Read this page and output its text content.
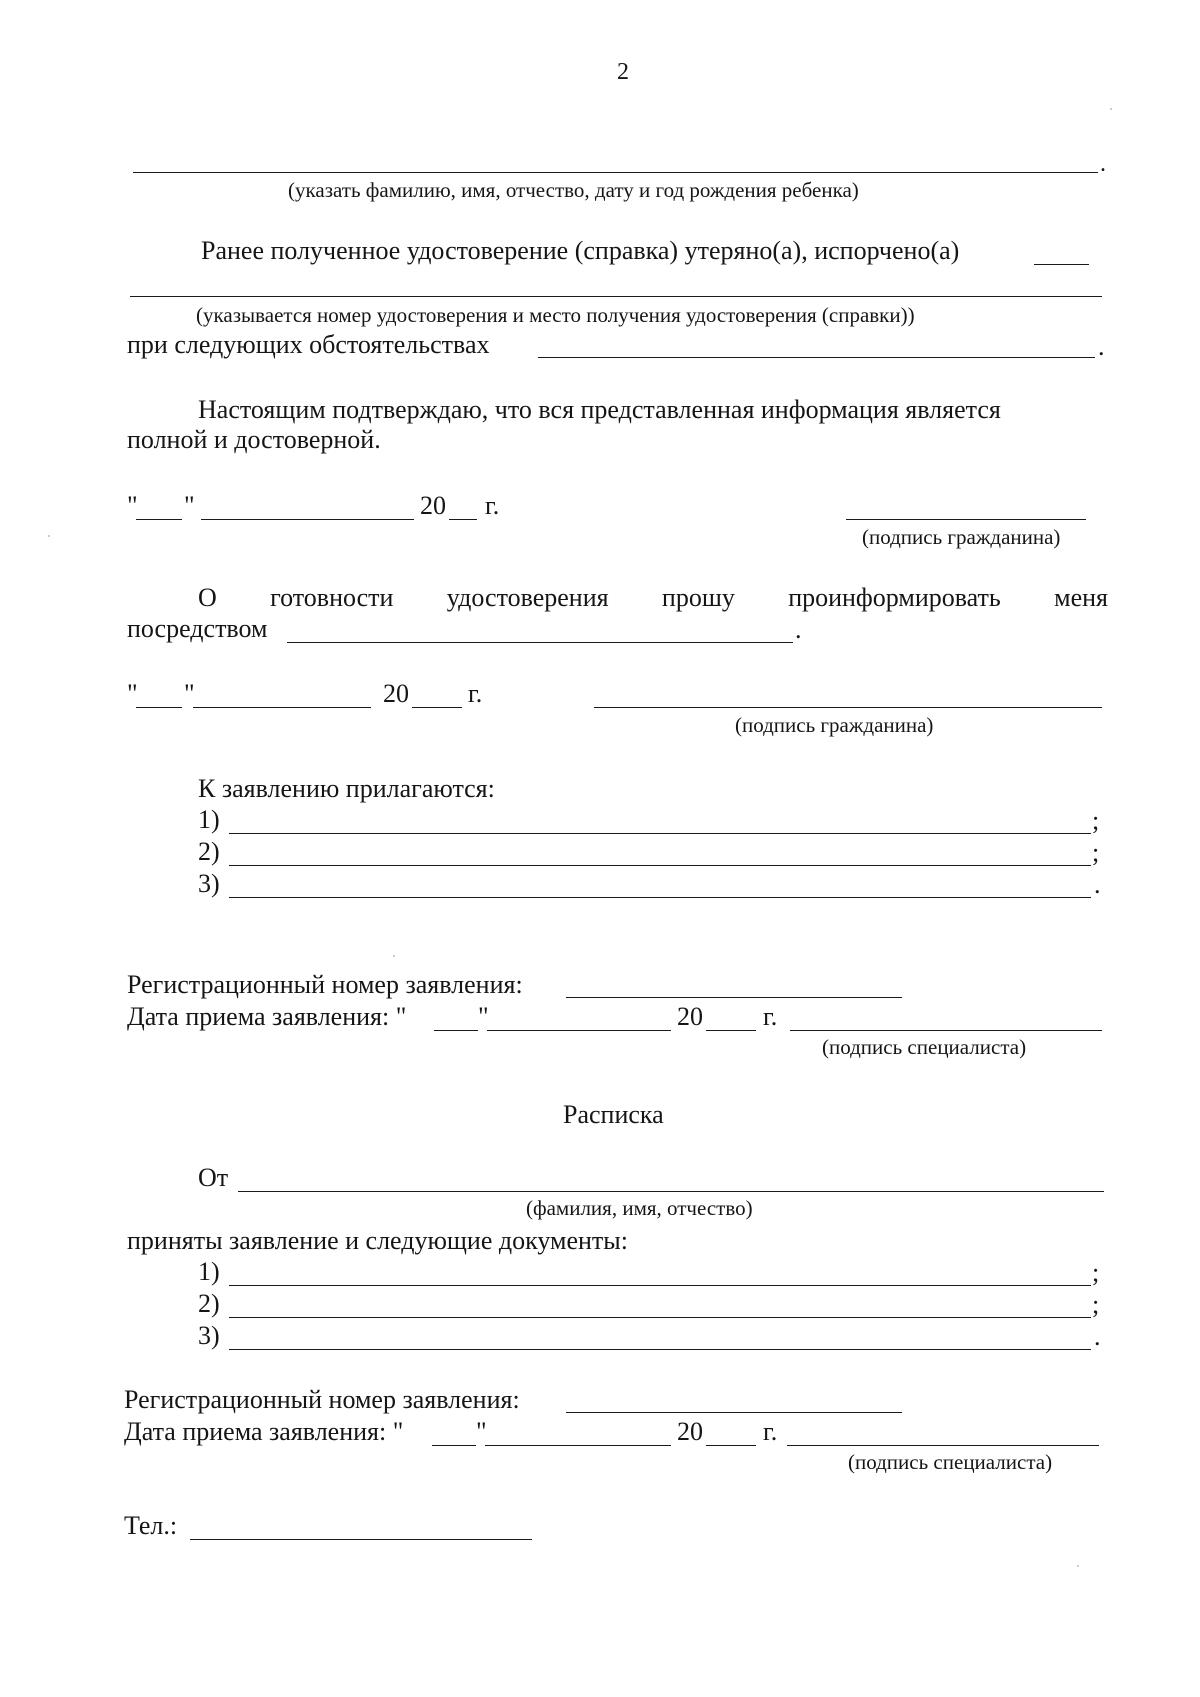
2
.
(указать фамилию, имя, отчество, дату и год рождения ребенка)
Ранее полученное удостоверение (справка) утеряно(а), испорчено(а)
(указывается номер удостоверения и место получения удостоверения (справки))
при следующих обстоятельствах	.
Настоящим подтверждаю, что вся представленная информация является
полной и достоверной.
" "	20 г.
(подпись гражданина)
О готовности удостоверения прошу проинформировать меня
посредством	.
" "	20 г.
(подпись гражданина)
К заявлению прилагаются:
1)	;
2)	;
3)	.
Регистрационный номер заявления:
Дата приема заявления: "	"	20 г.
(подпись специалиста)
Расписка
От
(фамилия, имя, отчество)
приняты заявление и следующие документы:
1)	;
2)	;
3)	.
Регистрационный номер заявления:
Дата приема заявления: "	"	20 г.
(подпись специалиста)
Тел.:
